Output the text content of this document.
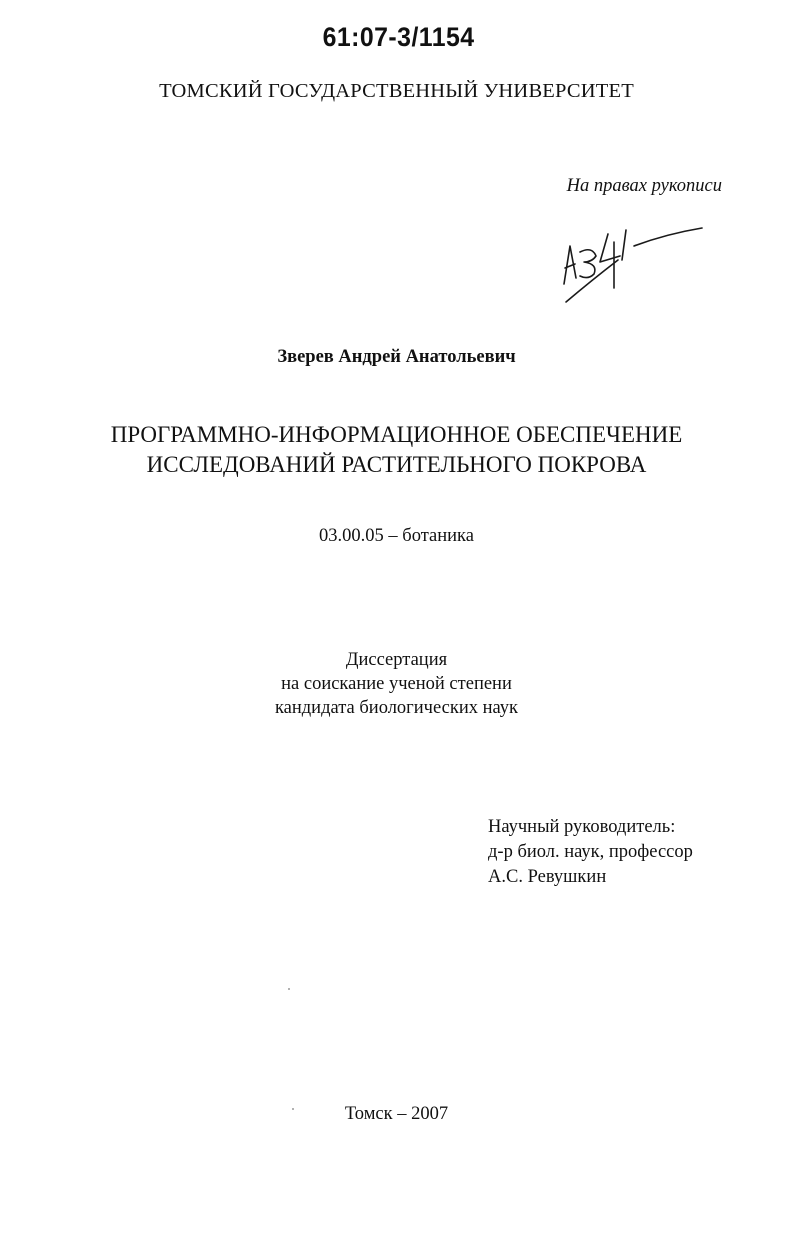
61:07-3/1154
ТОМСКИЙ ГОСУДАРСТВЕННЫЙ УНИВЕРСИТЕТ
На правах рукописи
Зверев Андрей Анатольевич
ПРОГРАММНО-ИНФОРМАЦИОННОЕ ОБЕСПЕЧЕНИЕ
ИССЛЕДОВАНИЙ РАСТИТЕЛЬНОГО ПОКРОВА
03.00.05 – ботаника
Диссертация
на соискание ученой степени
кандидата биологических наук
Научный руководитель:
д-р биол. наук, профессор
А.С. Ревушкин
Томск – 2007
